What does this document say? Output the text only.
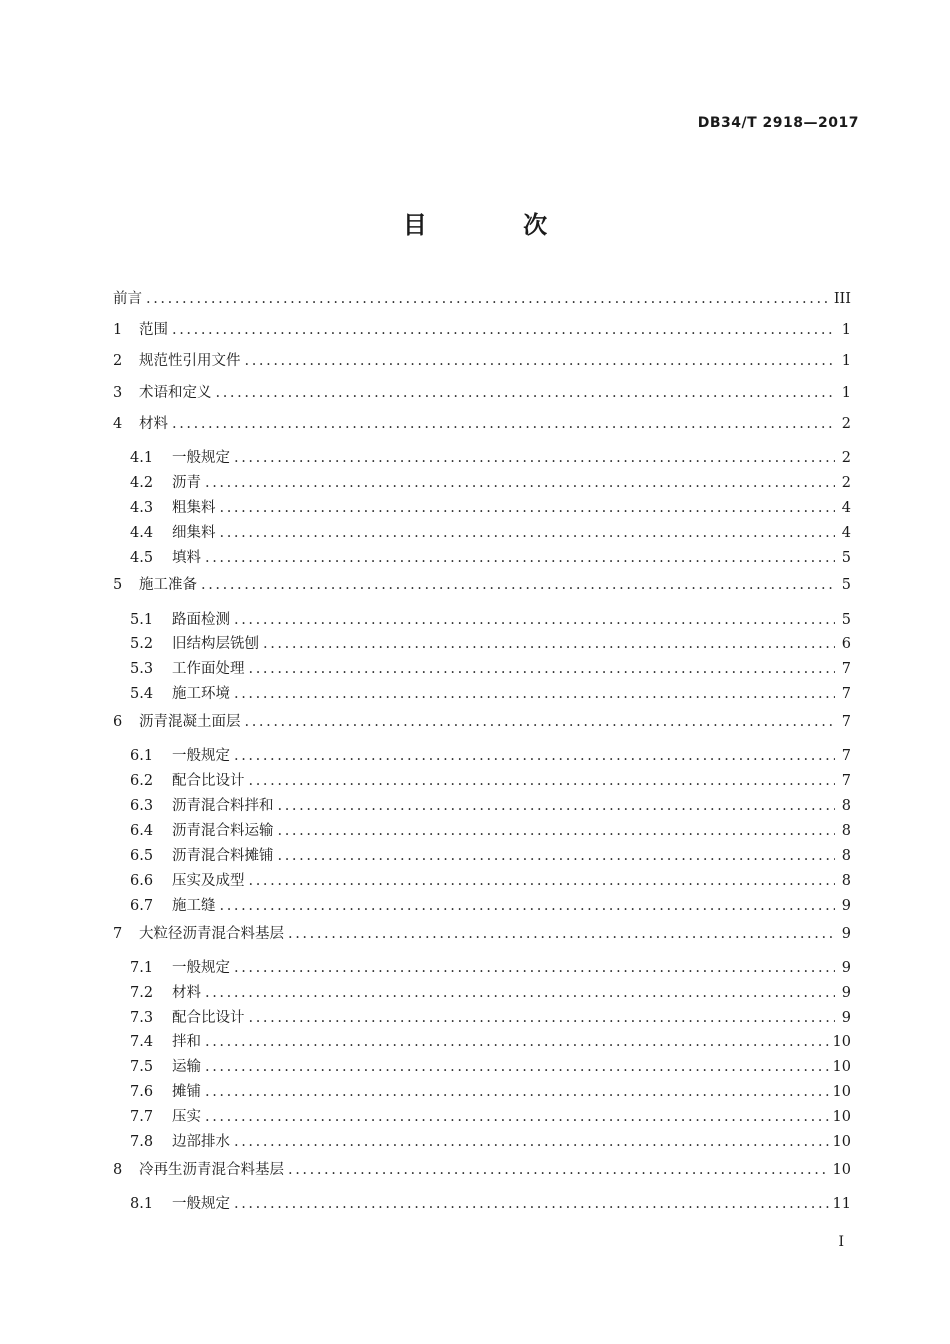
DB34/T 2918—2017
目 次
前言 .....	III
1	范围 .....	1
2	规范性引用文件 .....	1
3	术语和定义 .....	1
4	材料 .....	2
4.1	一般规定 .....	2
4.2	沥青 .....	2
4.3	粗集料 .....	4
4.4	细集料 .....	4
4.5	填料 .....	5
5	施工准备 .....	5
5.1	路面检测 .....	5
5.2	旧结构层铣刨 .....	6
5.3	工作面处理 .....	7
5.4	施工环境 .....	7
6	沥青混凝土面层 .....	7
6.1	一般规定 .....	7
6.2	配合比设计 .....	7
6.3	沥青混合料拌和 .....	8
6.4	沥青混合料运输 .....	8
6.5	沥青混合料摊铺 .....	8
6.6	压实及成型 .....	8
6.7	施工缝 .....	9
7	大粒径沥青混合料基层 .....	9
7.1	一般规定 .....	9
7.2	材料 .....	9
7.3	配合比设计 .....	9
7.4	拌和 .....	10
7.5	运输 .....	10
7.6	摊铺 .....	10
7.7	压实 .....	10
7.8	边部排水 .....	10
8	冷再生沥青混合料基层 .....	10
8.1	一般规定 .....	11
I
